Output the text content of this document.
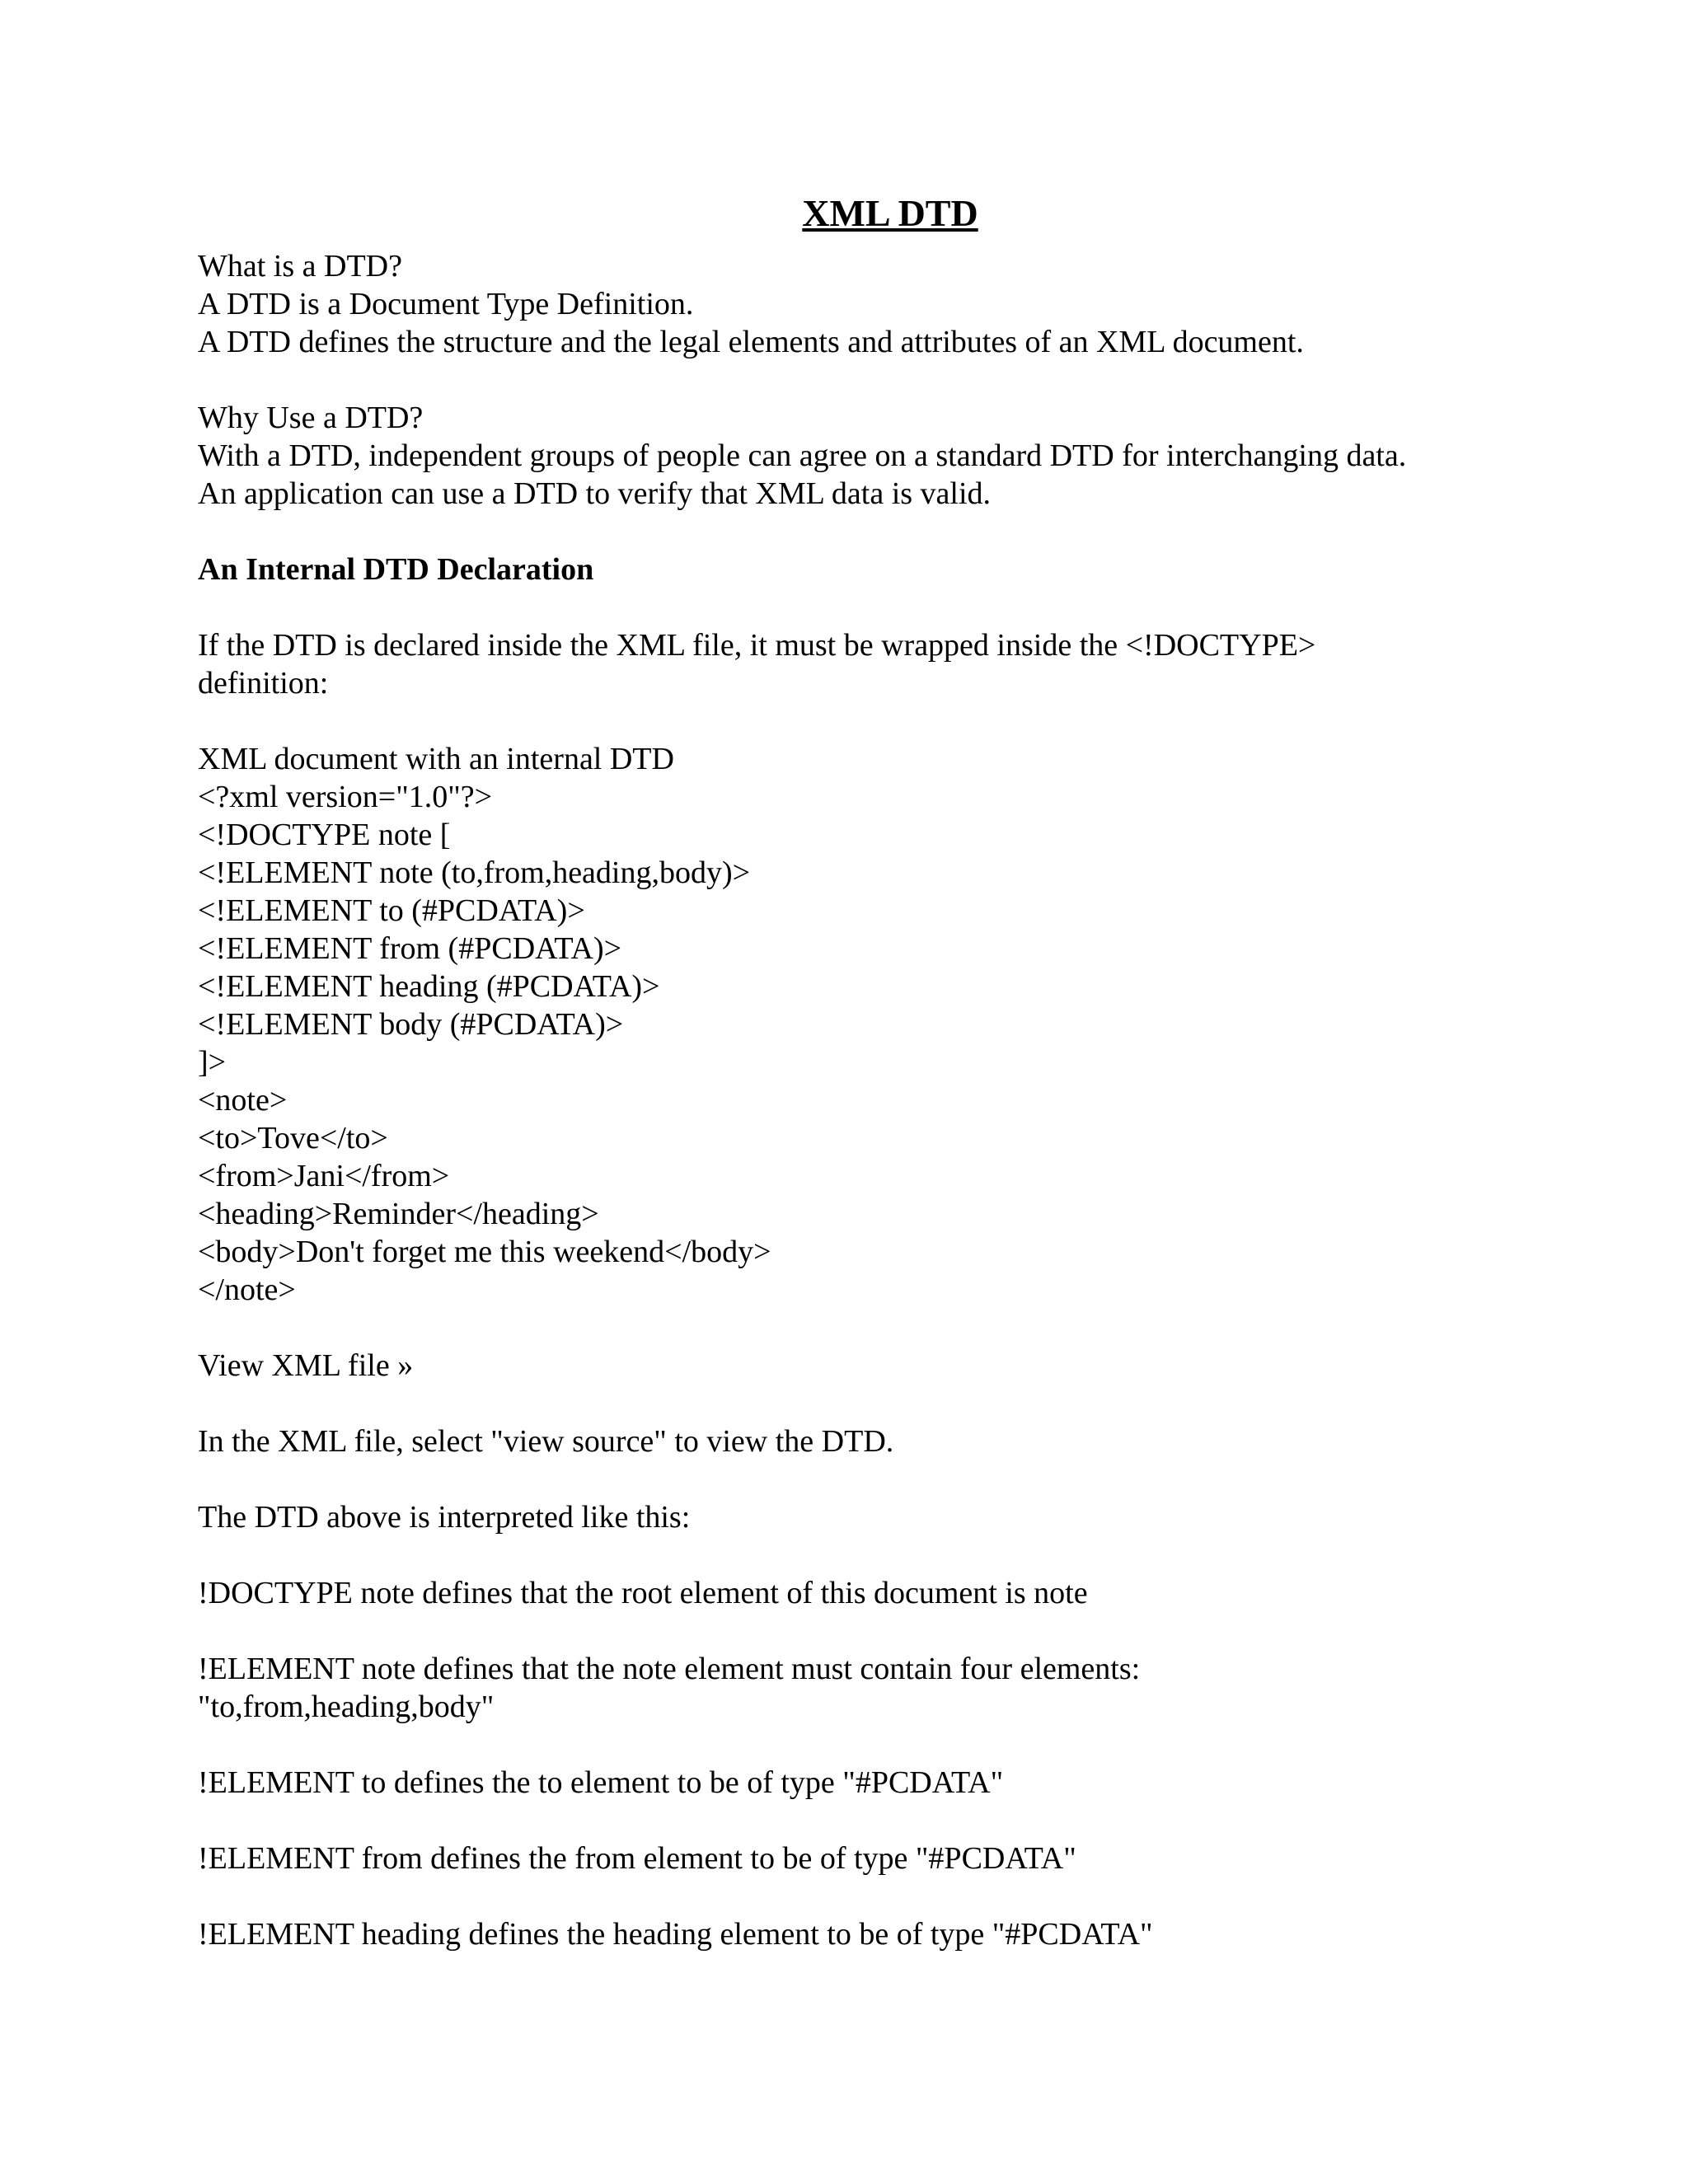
XML DTD
What is a DTD?
A DTD is a Document Type Definition.
A DTD defines the structure and the legal elements and attributes of an XML document.
Why Use a DTD?
With a DTD, independent groups of people can agree on a standard DTD for interchanging data.
An application can use a DTD to verify that XML data is valid.
An Internal DTD Declaration
If the DTD is declared inside the XML file, it must be wrapped inside the <!DOCTYPE>
definition:
XML document with an internal DTD
<?xml version="1.0"?>
<!DOCTYPE note [
<!ELEMENT note (to,from,heading,body)>
<!ELEMENT to (#PCDATA)>
<!ELEMENT from (#PCDATA)>
<!ELEMENT heading (#PCDATA)>
<!ELEMENT body (#PCDATA)>
]>
<note>
<to>Tove</to>
<from>Jani</from>
<heading>Reminder</heading>
<body>Don't forget me this weekend</body>
</note>
View XML file »
In the XML file, select "view source" to view the DTD.
The DTD above is interpreted like this:
!DOCTYPE note defines that the root element of this document is note
!ELEMENT note defines that the note element must contain four elements:
"to,from,heading,body"
!ELEMENT to defines the to element to be of type "#PCDATA"
!ELEMENT from defines the from element to be of type "#PCDATA"
!ELEMENT heading defines the heading element to be of type "#PCDATA"
